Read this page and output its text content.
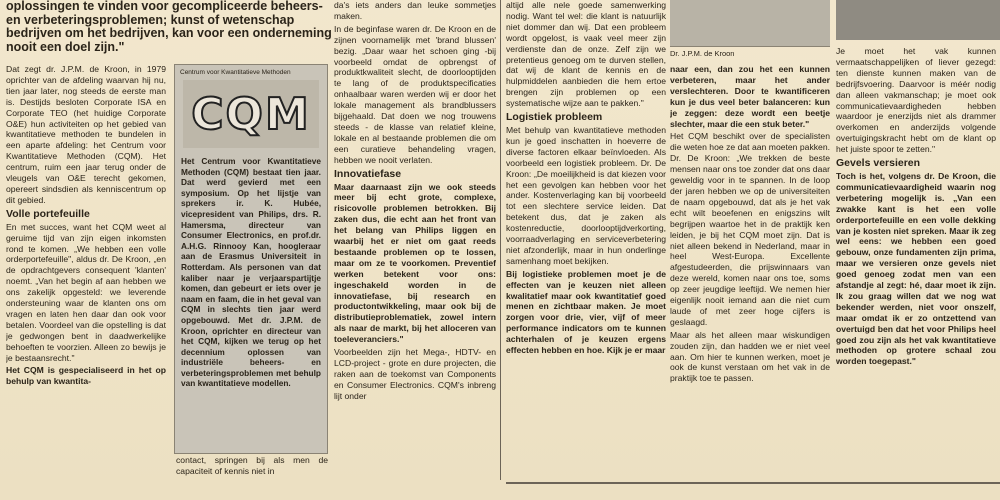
oplossingen te vinden voor gecompliceerde beheers- en verbeteringsproblemen; kunst of wetenschap bedrijven om het bedrijven, kan voor een onderneming nooit een doel zijn."

Dat zegt dr. J.P.M. de Kroon, in 1979 oprichter van de afdeling waarvan hij nu, tien jaar later, nog steeds de eerste man is. Destijds besloten Corporate ISA en Corporate TEO (het huidige Corporate O&E) hun activiteiten op het gebied van kwantitatieve methoden te bundelen in een aparte afdeling: het Centrum voor Kwantitatieve Methoden (CQM). Het centrum, ruim een jaar terug onder de vleugels van O&E terecht gekomen, opereert sindsdien als kenniscentrum op dit gebied.

Volle portefeuille

En met succes, want het CQM weet al geruime tijd van zijn eigen inkomsten rond te komen. „We hebben een volle orderportefeuille", aldus dr. De Kroon, „en de opdrachtgevers consequent 'klanten' noemt. „Van het begin af aan hebben we ons zakelijk opgesteld: we leverende ondersteuning waar de klanten ons om vragen en laten hen daar dan ook voor betalen. Voordeel van die opstelling is dat je gedwongen bent in daadwerkelijke behoeften te voorzien. Alleen zo bewijs je je bestaansrecht."

Het CQM is gespecialiseerd in het op behulp van kwantita-

Centrum voor Kwantitatieve Methoden
CQM
Het Centrum voor Kwantitatieve Methoden (CQM) bestaat tien jaar. Dat werd gevierd met een symposium. Op het lijstje van sprekers ir. K. Hubée, vicepresident van Philips, drs. R. Hamersma, directeur van Consumer Electronics, en prof.dr. A.H.G. Rinnooy Kan, hoogleraar aan de Erasmus Universiteit in Rotterdam. Als personen van dat kaliber naar je verjaarspartijtje komen, dan gebeurt er iets over je naam en faam, die in het geval van CQM in slechts tien jaar werd opgebouwd. Met dr. J.P.M. de Kroon, oprichter en directeur van het CQM, kijken we terug op het decennium oplossen van industriële beheers- en verbeteringsproblemen met behulp van kwantitatieve modellen.

contact, springen bij als men de capaciteit of kennis niet in

da's iets anders dan leuke sommetjes maken.

In de beginfase waren dr. De Kroon en de zijnen voornamelijk met 'brand blussen' bezig. „Daar waar het schoen ging -bij voorbeeld omdat de opbrengst of produktkwaliteit slecht, de doorlooptijden te lang of de produktspecificaties onhaalbaar waren werden wij er door het lokale management als brandblussers bijgehaald. Dat doen we nog trouwens steeds - de klasse van relatief kleine, lokale en al bestaande problemen die om een curatieve behandeling vragen, hebben we nooit verlaten.

Innovatiefase

Maar daarnaast zijn we ook steeds meer bij echt grote, complexe, risicovolle problemen betrokken. Bij zaken dus, die echt aan het front van het belang van Philips liggen en waarbij het er niet om gaat reeds bestaande problemen op te lossen, maar om ze te voorkomen. Preventief werken betekent voor ons: ingeschakeld worden in de innovatiefase, bij research en productontwikkeling, maar ook bij de distributieproblematiek, zowel intern als naar de markt, bij het alloceren van toeleveranciers."

Voorbeelden zijn het Mega-, HDTV- en LCD-project - grote en dure projecten, die raken aan de toekomst van Components en Consumer Electronics. CQM's inbreng lijt onder

altijd alle nele goede samenwerking nodig. Want tel wel: die klant is natuurlijk niet dommer dan wij. Dat een probleem wordt opgelost, is vaak veel meer zijn verdienste dan de onze. Zelf zijn we pretentieus genoeg om te durven stellen, dat wij de klant de kennis en de hulpmiddelen aanbieden die hem ertoe brengen zijn problemen op een systematische wijze aan te pakken."

Logistiek probleem

Met behulp van kwantitatieve methoden kun je goed inschatten in hoeverre de diverse factoren elkaar beïnvloeden. Als voorbeeld een logistiek probleem. Dr. De Kroon: „De moeilijkheid is dat kiezen voor het een gevolgen kan hebben voor het ander. Kostenverlaging kan bij voorbeeld tot een slechtere service leiden. Dat betekent dus, dat je zaken als kostenreductie, doorlooptijdverkorting, voorraadverlaging en serviceverbetering niet afzonderlijk, maar in hun onderlinge samenhang moet bekijken.

Bij logistieke problemen moet je de effecten van je keuzen niet alleen kwalitatief maar ook kwantitatief goed menen en zichtbaar maken. Je moet zorgen voor drie, vier, vijf of meer performance indicators om te kunnen achterhalen of je keuzen ergens effecten hebben en hoe. Kijk je er maar

Dr. J.P.M. de Kroon

naar een, dan zou het een kunnen verbeteren, maar het ander verslechteren. Door te kwantificeren kun je dus veel beter balanceren: kun je zeggen: deze wordt een beetje slechter, maar die een stuk beter."

Het CQM beschikt over de specialisten die weten hoe ze dat aan moeten pakken. Dr. De Kroon: „We trekken de beste mensen naar ons toe zonder dat ons daar geweldig voor in te spannen. In de loop der jaren hebben we op de universiteiten de naam opgebouwd, dat als je het vak echt wilt beoefenen en enigszins wilt begrijpen waartoe het in de praktijk ken leiden, je bij het CQM moet zijn. Dat is niet alleen bekend in Nederland, maar in heel West-Europa. Excellente afgestudeerden, die prijswinnaars van deze wereld, komen naar ons toe, soms op zeer jeugdige leeftijd. We nemen hier eigenlijk nooit iemand aan die niet cum laude of met zeer hoge cijfers is geslaagd.

Maar als het alleen maar wiskundigen zouden zijn, dan hadden we er niet veel aan. Om hier te kunnen werken, moet je ook de kunst verstaan om het vak in de praktijk toe te passen.

Je moet het vak kunnen vermaatschappelijken of liever gezegd: ten dienste kunnen maken van de bedrijfsvoering. Daarvoor is méér nodig dan alleen vakmanschap; je moet ook communicatievaardigheden hebben waardoor je enerzijds niet als drammer overkomen en anderzijds volgende overtuigingskracht hebt om de klant op het juiste spoor te zetten."

Gevels versieren

Toch is het, volgens dr. De Kroon, die communicatievaardigheid waarin nog verbetering mogelijk is. „Van een zwakke kant is het een volle orderportefeuille en een volle dekking van je kosten niet spreken. Maar ik zeg wel eens: we hebben een goed gebouw, onze fundamenten zijn prima, maar we versieren onze gevels niet goed genoeg zodat men van een afstandje al zegt: hé, daar moet ik zijn. Ik zou graag willen dat we nog wat bekender werden, niet voor onszelf, maar omdat ik er zo ontzettend van overtuigd ben dat het voor Philips heel goed zou zijn als het vak kwantitatieve methoden op grotere schaal zou worden toegepast."
